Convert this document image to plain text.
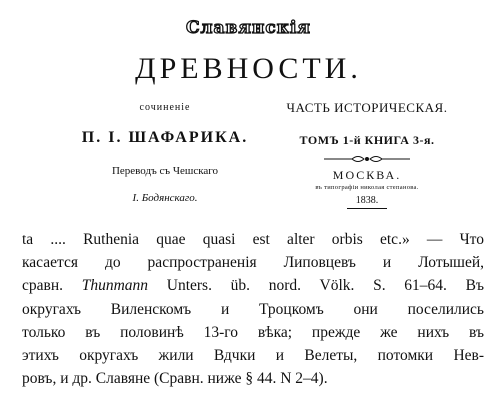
Славянскія
ДРЕВНОСТИ.
сочиненіе
П. І. ШАФАРИКА.
Переводъ съ Чешскаго
І. Бодянскаго.
ЧАСТЬ ИСТОРИЧЕСКАЯ.
ТОМЪ 1-й КНИГА 3-я.
МОСКВА.
въ типографіи николая степанова.
1838.
ta .... Ruthenia quae quasi est alter orbis etc.» — Что
касается до распространенія Липовцевъ и Лотышей,
сравн. Thunmann Unters. üb. nord. Völk. S. 61–64. Въ
округахъ Виленскомъ и Троцкомъ они поселились
только въ половинѣ 13-го вѣка; прежде же нихъ въ
этихъ округахъ жили Вдчки и Велеты, потомки Нев-
ровъ, и др. Славяне (Сравн. ниже § 44. N 2–4).
